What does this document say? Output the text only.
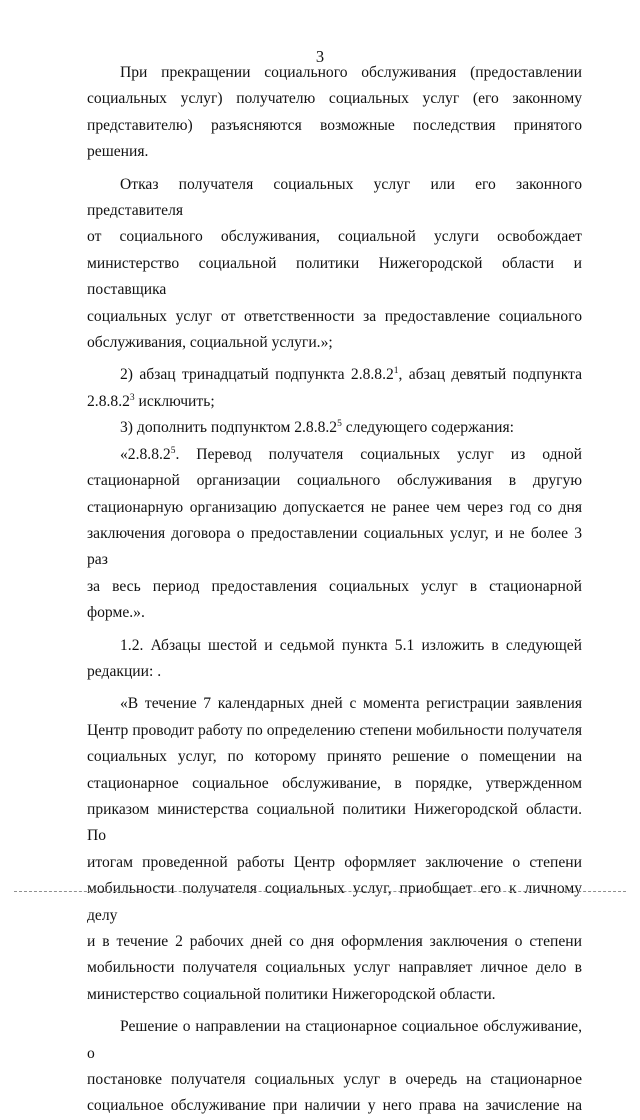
3

При прекращении социального обслуживания (предоставлении

социальных услуг) получателю социальных услуг (его законному

представителю) разъясняются возможные последствия принятого решения.

Отказ получателя социальных услуг или его законного представителя

от социального обслуживания, социальной услуги освобождает

министерство социальной политики Нижегородской области и поставщика

социальных услуг от ответственности за предоставление социального

обслуживания, социальной услуги.»;

2) абзац тринадцатый подпункта 2.8.8.2$^1$, абзац девятый подпункта

2.8.8.2$^3$ исключить;

3) дополнить подпунктом 2.8.8.2$^5$ следующего содержания:

«2.8.8.2$^5$. Перевод получателя социальных услуг из одной

стационарной организации социального обслуживания в другую

стационарную организацию допускается не ранее чем через год со дня

заключения договора о предоставлении социальных услуг, и не более 3 раз

за весь период предоставления социальных услуг в стационарной форме.».

1.2. Абзацы шестой и седьмой пункта 5.1 изложить в следующей

редакции: .

«В течение 7 календарных дней с момента регистрации заявления

Центр проводит работу по определению степени мобильности получателя

социальных услуг, по которому принято решение о помещении на

стационарное социальное обслуживание, в порядке, утвержденном

приказом министерства социальной политики Нижегородской области. По

итогам проведенной работы Центр оформляет заключение о степени

мобильности получателя социальных услуг, приобщает его к личному делу

и в течение 2 рабочих дней со дня оформления заключения о степени

мобильности получателя социальных услуг направляет личное дело в

министерство социальной политики Нижегородской области.

Решение о направлении на стационарное социальное обслуживание, о

постановке получателя социальных услуг в очередь на стационарное

социальное обслуживание при наличии у него права на зачисление на
